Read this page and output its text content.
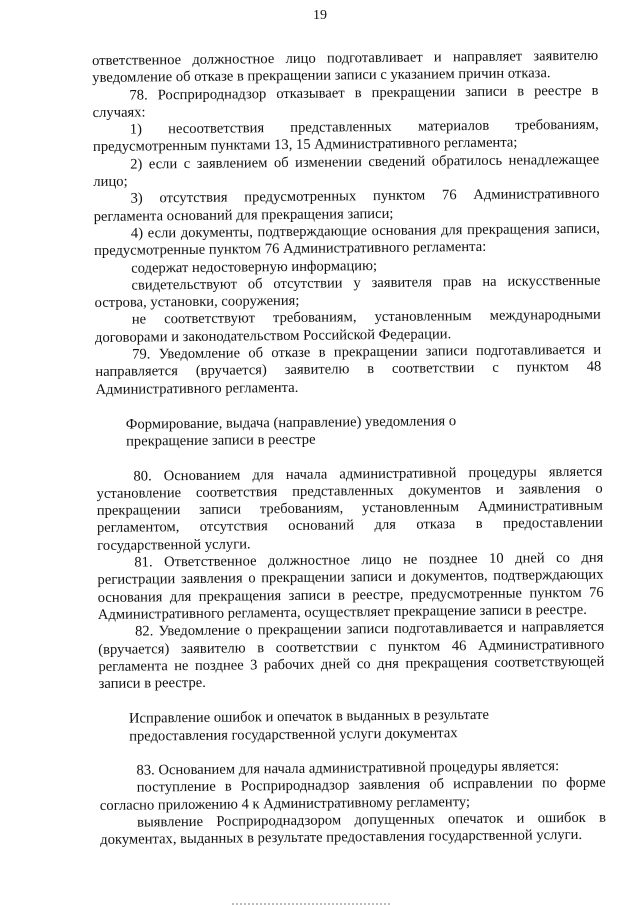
19

ответственное должностное лицо подготавливает и направляет заявителю уведомление об отказе в прекращении записи с указанием причин отказа.

78. Росприроднадзор отказывает в прекращении записи в реестре в случаях:

1) несоответствия представленных материалов требованиям, предусмотренным пунктами 13, 15 Административного регламента;

2) если с заявлением об изменении сведений обратилось ненадлежащее лицо;

3) отсутствия предусмотренных пунктом 76 Административного регламента оснований для прекращения записи;

4) если документы, подтверждающие основания для прекращения записи, предусмотренные пунктом 76 Административного регламента:

содержат недостоверную информацию;

свидетельствуют об отсутствии у заявителя прав на искусственные острова, установки, сооружения;

не соответствуют требованиям, установленным международными договорами и законодательством Российской Федерации.

79. Уведомление об отказе в прекращении записи подготавливается и направляется (вручается) заявителю в соответствии с пунктом 48 Административного регламента.

Формирование, выдача (направление) уведомления о
прекращение записи в реестре

80. Основанием для начала административной процедуры является установление соответствия представленных документов и заявления о прекращении записи требованиям, установленным Административным регламентом, отсутствия оснований для отказа в предоставлении государственной услуги.

81. Ответственное должностное лицо не позднее 10 дней со дня регистрации заявления о прекращении записи и документов, подтверждающих основания для прекращения записи в реестре, предусмотренные пунктом 76 Административного регламента, осуществляет прекращение записи в реестре.

82. Уведомление о прекращении записи подготавливается и направляется (вручается) заявителю в соответствии с пунктом 46 Административного регламента не позднее 3 рабочих дней со дня прекращения соответствующей записи в реестре.

Исправление ошибок и опечаток в выданных в результате
предоставления государственной услуги документах

83. Основанием для начала административной процедуры является:

поступление в Росприроднадзор заявления об исправлении по форме согласно приложению 4 к Административному регламенту;

выявление Росприроднадзором допущенных опечаток и ошибок в документах, выданных в результате предоставления государственной услуги.
